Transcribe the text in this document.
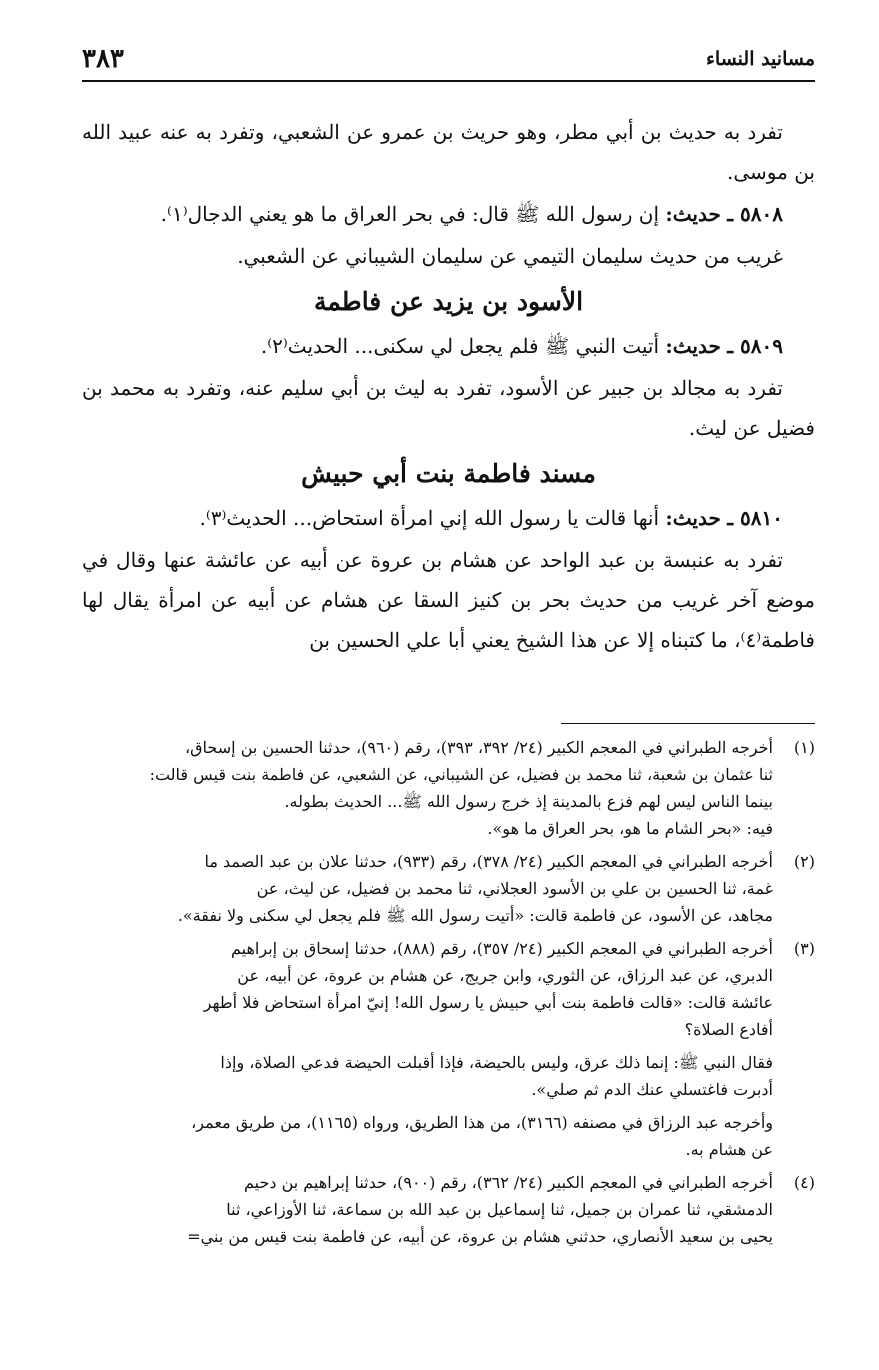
مسانيد النساء
٣٨٣

تفرد به حديث بن أبي مطر، وهو حريث بن عمرو عن الشعبي، وتفرد به عنه عبيد الله بن موسى.

٥٨٠٨ ـ حديث: إن رسول الله ﷺ قال: في بحر العراق ما هو يعني الدجال⁽١⁾.

غريب من حديث سليمان التيمي عن سليمان الشيباني عن الشعبي.

الأسود بن يزيد عن فاطمة

٥٨٠٩ ـ حديث: أتيت النبي ﷺ فلم يجعل لي سكنى... الحديث⁽٢⁾.

تفرد به مجالد بن جبير عن الأسود، تفرد به ليث بن أبي سليم عنه، وتفرد به محمد بن فضيل عن ليث.

مسند فاطمة بنت أبي حبيش

٥٨١٠ ـ حديث: أنها قالت يا رسول الله إني امرأة استحاض... الحديث⁽٣⁾.

تفرد به عنبسة بن عبد الواحد عن هشام بن عروة عن أبيه عن عائشة عنها وقال في موضع آخر غريب من حديث بحر بن كنيز السقا عن هشام عن أبيه عن امرأة يقال لها فاطمة⁽٤⁾، ما كتبناه إلا عن هذا الشيخ يعني أبا علي الحسين بن

(١)

أخرجه الطبراني في المعجم الكبير (٢٤/ ٣٩٢، ٣٩٣)، رقم (٩٦٠)، حدثنا الحسين بن إسحاق،

ثنا عثمان بن شعبة، ثنا محمد بن فضيل، عن الشيباني، عن الشعبي، عن فاطمة بنت قيس قالت:

بينما الناس ليس لهم فزع بالمدينة إذ خرج رسول الله ﷺ... الحديث بطوله.

فيه: «بحر الشام ما هو، بحر العراق ما هو».

(٢)

أخرجه الطبراني في المعجم الكبير (٢٤/ ٣٧٨)، رقم (٩٣٣)، حدثنا علان بن عبد الصمد ما

غمة، ثنا الحسين بن علي بن الأسود العجلاني، ثنا محمد بن فضيل، عن ليث، عن

مجاهد، عن الأسود، عن فاطمة قالت: «أتيت رسول الله ﷺ فلم يجعل لي سكنى ولا نفقة».

(٣)

أخرجه الطبراني في المعجم الكبير (٢٤/ ٣٥٧)، رقم (٨٨٨)، حدثنا إسحاق بن إبراهيم

الدبري، عن عبد الرزاق، عن الثوري، وابن جريج، عن هشام بن عروة، عن أبيه، عن

عائشة قالت: «قالت فاطمة بنت أبي حبيش يا رسول الله! إنيّ امرأة استحاض فلا أطهر

أفادع الصلاة؟

فقال النبي ﷺ: إنما ذلك عرق، وليس بالحيضة، فإذا أقبلت الحيضة فدعي الصلاة، وإذا

أدبرت فاغتسلي عنك الدم ثم صلي».

وأخرجه عبد الرزاق في مصنفه (٣١٦٦)، من هذا الطريق، ورواه (١١٦٥)، من طريق معمر،

عن هشام به.

(٤)

أخرجه الطبراني في المعجم الكبير (٢٤/ ٣٦٢)، رقم (٩٠٠)، حدثنا إبراهيم بن دحيم

الدمشقي، ثنا عمران بن جميل، ثنا إسماعيل بن عبد الله بن سماعة، ثنا الأوزاعي، ثنا

يحيى بن سعيد الأنصاري، حدثني هشام بن عروة، عن أبيه، عن فاطمة بنت قيس من بني=
